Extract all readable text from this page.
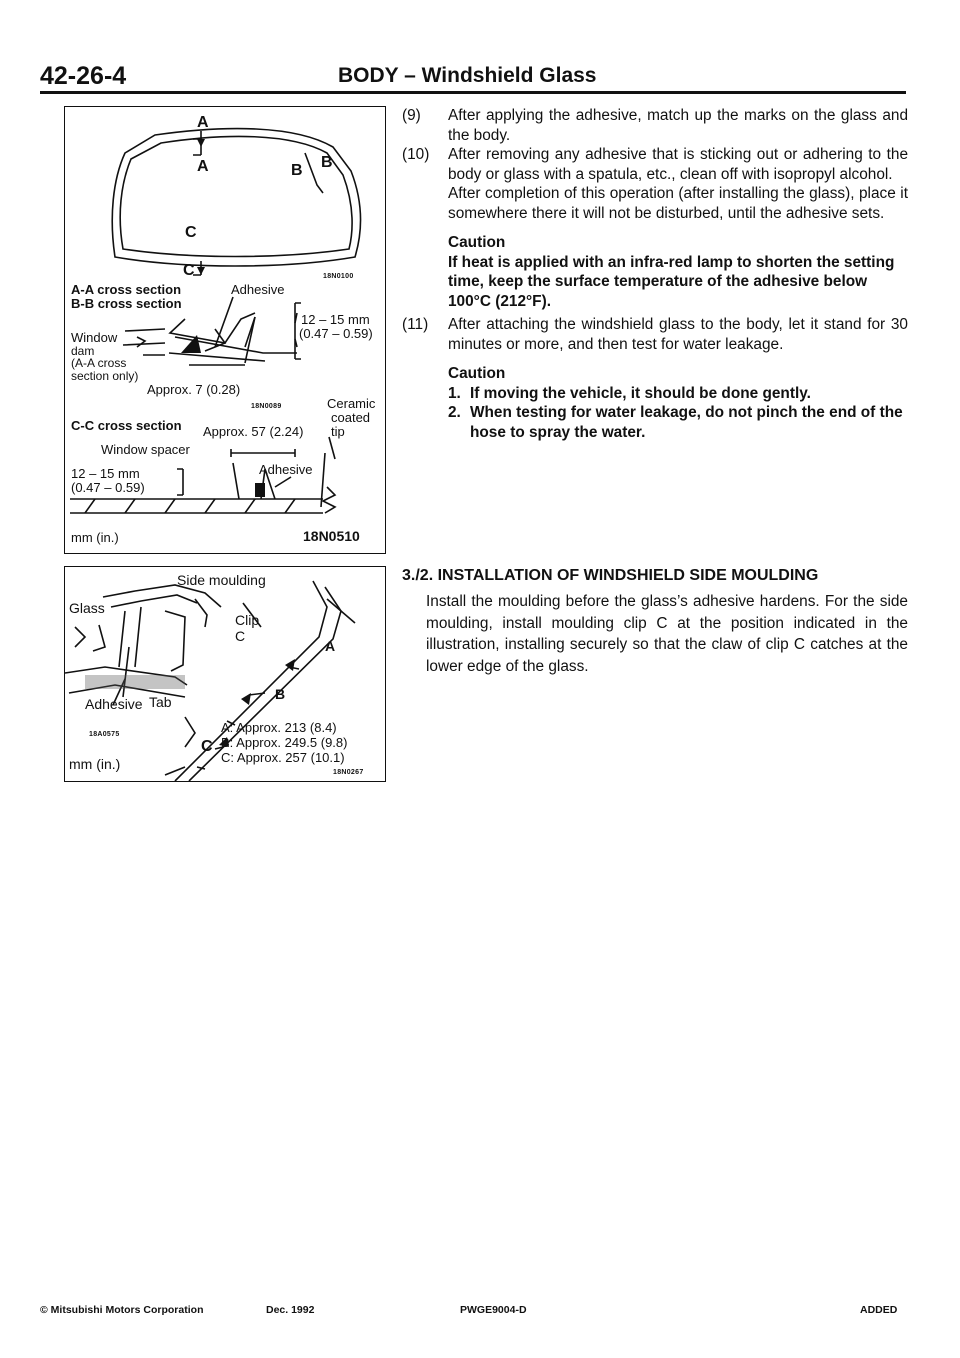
42-26-4	BODY – Windshield Glass
A
A	B B
C
C	18N0100
A-A cross section
B-B cross section
Adhesive
12 – 15 mm
(0.47 – 0.59)
Window
dam
(A-A cross
section only)
Approx. 7 (0.28)
18N0089	Ceramic
coated
tip
C-C cross section Approx. 57 (2.24)
Window spacer
Adhesive
12 – 15 mm
(0.47 – 0.59)
mm (in.)	18N0510
Side moulding
Glass
Clip
C
A
B
C
Adhesive Tab
18A0575
mm (in.)
A: Approx. 213 (8.4)
B: Approx. 249.5 (9.8)
C: Approx. 257 (10.1)
18N0267
(9)	After applying the adhesive, match up the marks on the glass and the body.
(10)	After removing any adhesive that is sticking out or adhering to the body or glass with a spatula, etc., clean off with isopropyl alcohol.

After completion of this operation (after installing the glass), place it somewhere there it will not be disturbed, until the adhesive sets.

Caution

If heat is applied with an infra-red lamp to shorten the setting time, keep the surface temperature of the adhesive below 100°C (212°F).

(11)	After attaching the windshield glass to the body, let it stand for 30 minutes or more, and then test for water leakage.

Caution

1. If moving the vehicle, it should be done gently.
2. When testing for water leakage, do not pinch the end of the hose to spray the water.
3./2. INSTALLATION OF WINDSHIELD SIDE MOULDING
Install the moulding before the glass’s adhesive hardens. For the side moulding, install moulding clip C at the position indicated in the illustration, installing securely so that the claw of clip C catches at the lower edge of the glass.
© Mitsubishi Motors Corporation	Dec. 1992	PWGE9004-D	ADDED
